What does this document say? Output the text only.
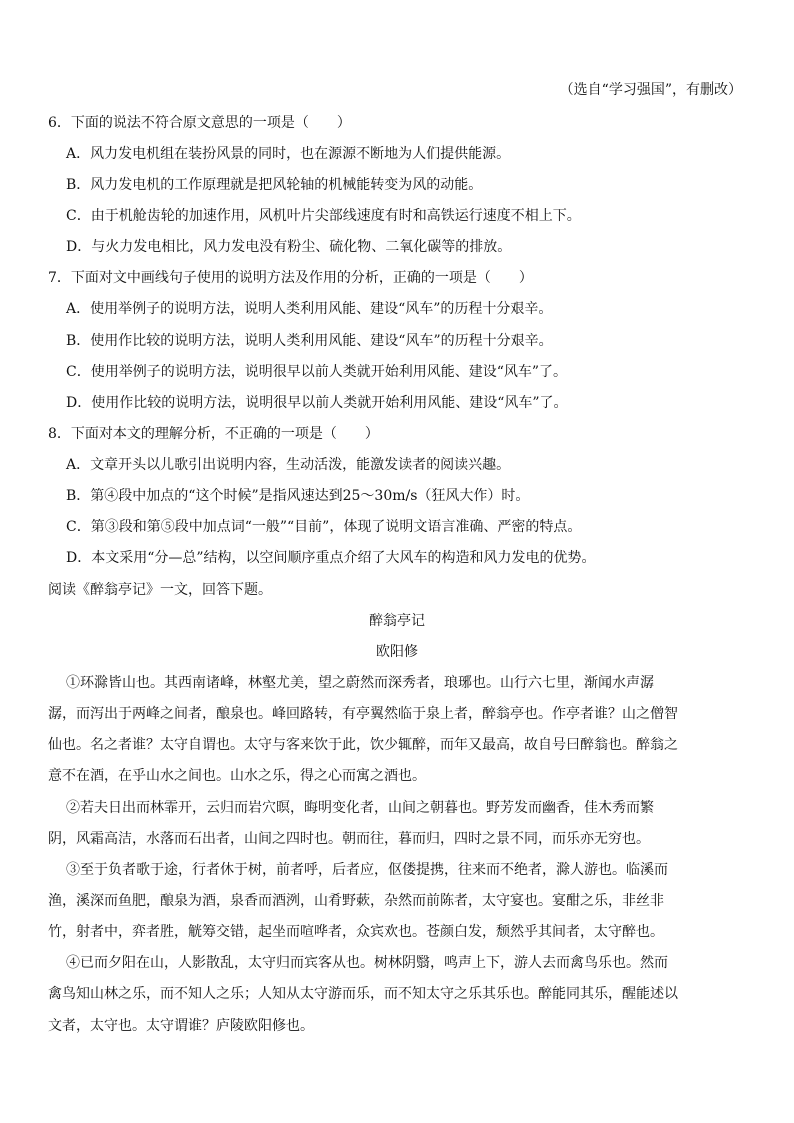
（选自“学习强国”，有删改）
6．下面的说法不符合原文意思的一项是（　　）
A．风力发电机组在装扮风景的同时，也在源源不断地为人们提供能源。
B．风力发电机的工作原理就是把风轮轴的机械能转变为风的动能。
C．由于机舱齿轮的加速作用，风机叶片尖部线速度有时和高铁运行速度不相上下。
D．与火力发电相比，风力发电没有粉尘、硫化物、二氧化碳等的排放。
7．下面对文中画线句子使用的说明方法及作用的分析，正确的一项是（　　）
A．使用举例子的说明方法，说明人类利用风能、建设“风车”的历程十分艰辛。
B．使用作比较的说明方法，说明人类利用风能、建设“风车”的历程十分艰辛。
C．使用举例子的说明方法，说明很早以前人类就开始利用风能、建设“风车”了。
D．使用作比较的说明方法，说明很早以前人类就开始利用风能、建设“风车”了。
8．下面对本文的理解分析，不正确的一项是（　　）
A．文章开头以儿歌引出说明内容，生动活泼，能激发读者的阅读兴趣。
B．第④段中加点的“这个时候”是指风速达到25～30m/s（狂风大作）时。
C．第③段和第⑤段中加点词“一般”“目前”，体现了说明文语言准确、严密的特点。
D．本文采用“分—总”结构，以空间顺序重点介绍了大风车的构造和风力发电的优势。
阅读《醉翁亭记》一文，回答下题。
醉翁亭记
欧阳修
①环滁皆山也。其西南诸峰，林壑尤美，望之蔚然而深秀者，琅琊也。山行六七里，渐闻水声潺
潺，而泻出于两峰之间者，酿泉也。峰回路转，有亭翼然临于泉上者，醉翁亭也。作亭者谁？山之僧智
仙也。名之者谁？太守自谓也。太守与客来饮于此，饮少辄醉，而年又最高，故自号曰醉翁也。醉翁之
意不在酒，在乎山水之间也。山水之乐，得之心而寓之酒也。
②若夫日出而林霏开，云归而岩穴暝，晦明变化者，山间之朝暮也。野芳发而幽香，佳木秀而繁
阴，风霜高洁，水落而石出者，山间之四时也。朝而往，暮而归，四时之景不同，而乐亦无穷也。
③至于负者歌于途，行者休于树，前者呼，后者应，伛偻提携，往来而不绝者，滁人游也。临溪而
渔，溪深而鱼肥，酿泉为酒，泉香而酒洌，山肴野蔌，杂然而前陈者，太守宴也。宴酣之乐，非丝非
竹，射者中，弈者胜，觥筹交错，起坐而喧哗者，众宾欢也。苍颜白发，颓然乎其间者，太守醉也。
④已而夕阳在山，人影散乱，太守归而宾客从也。树林阴翳，鸣声上下，游人去而禽鸟乐也。然而
禽鸟知山林之乐，而不知人之乐；人知从太守游而乐，而不知太守之乐其乐也。醉能同其乐，醒能述以
文者，太守也。太守谓谁？庐陵欧阳修也。
